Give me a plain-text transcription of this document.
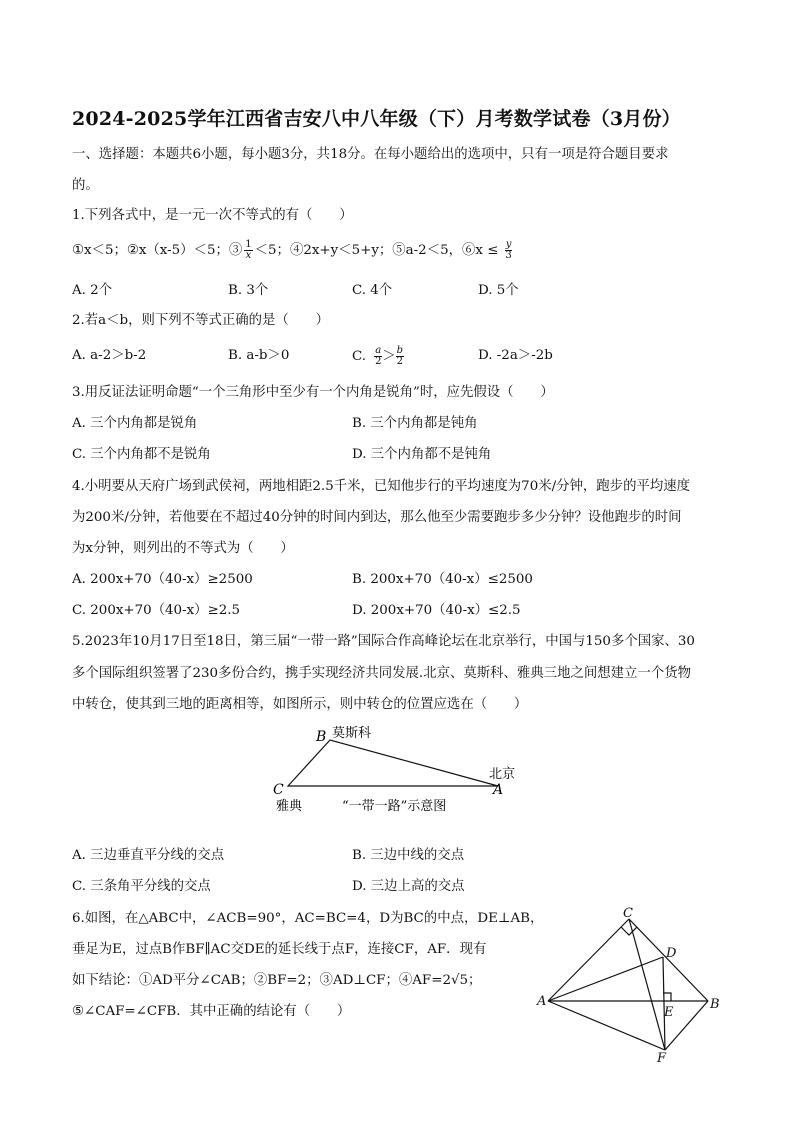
2024-2025学年江西省吉安八中八年级（下）月考数学试卷（3月份）
一、选择题：本题共6小题，每小题3分，共18分。在每小题给出的选项中，只有一项是符合题目要求
的。
1.下列各式中，是一元一次不等式的有（　　）
①x＜5；②x（x-5）＜5；③ $\frac{1}{x} <5$；④2x+y＜5+y；⑤a-2＜5，⑥x ≤ $\frac{y}{3}$
A. 2个	B. 3个	C. 4个	D. 5个
2.若a＜b，则下列不等式正确的是（　　）
A. a-2＞b-2	B. a-b＞0	C. $\frac{a}{2} > \frac{b}{2}$	D. -2a＞-2b
3.用反证法证明命题“一个三角形中至少有一个内角是锐角”时，应先假设（　　）
A. 三个内角都是锐角	B. 三个内角都是钝角
C. 三个内角都不是锐角	D. 三个内角都不是钝角
4.小明要从天府广场到武侯祠，两地相距2.5千米，已知他步行的平均速度为70米/分钟，跑步的平均速度
为200米/分钟，若他要在不超过40分钟的时间内到达，那么他至少需要跑步多少分钟？设他跑步的时间
为x分钟，则列出的不等式为（　　）
A. 200x+70（40-x）≥2500	B. 200x+70（40-x）≤2500
C. 200x+70（40-x）≥2.5	D. 200x+70（40-x）≤2.5
5.2023年10月17日至18日，第三届“一带一路”国际合作高峰论坛在北京举行，中国与150多个国家、30
多个国际组织签署了230多份合约，携手实现经济共同发展.北京、莫斯科、雅典三地之间想建立一个货物
中转仓，使其到三地的距离相等，如图所示，则中转仓的位置应选在（　　）
B 莫斯科
C	A
北京
雅典	“一带一路”示意图
A. 三边垂直平分线的交点	B. 三边中线的交点
C. 三条角平分线的交点	D. 三边上高的交点
6.如图，在△ABC中，∠ACB=90°，AC=BC=4，D为BC的中点，DE⊥AB，
垂足为E，过点B作BF∥AC交DE的延长线于点F，连接CF，AF．现有
如下结论：①AD平分∠CAB；②BF=2；③AD⊥CF；④AF=2√5；
⑤∠CAF=∠CFB．其中正确的结论有（　　）
C
D
A
E
B
F
